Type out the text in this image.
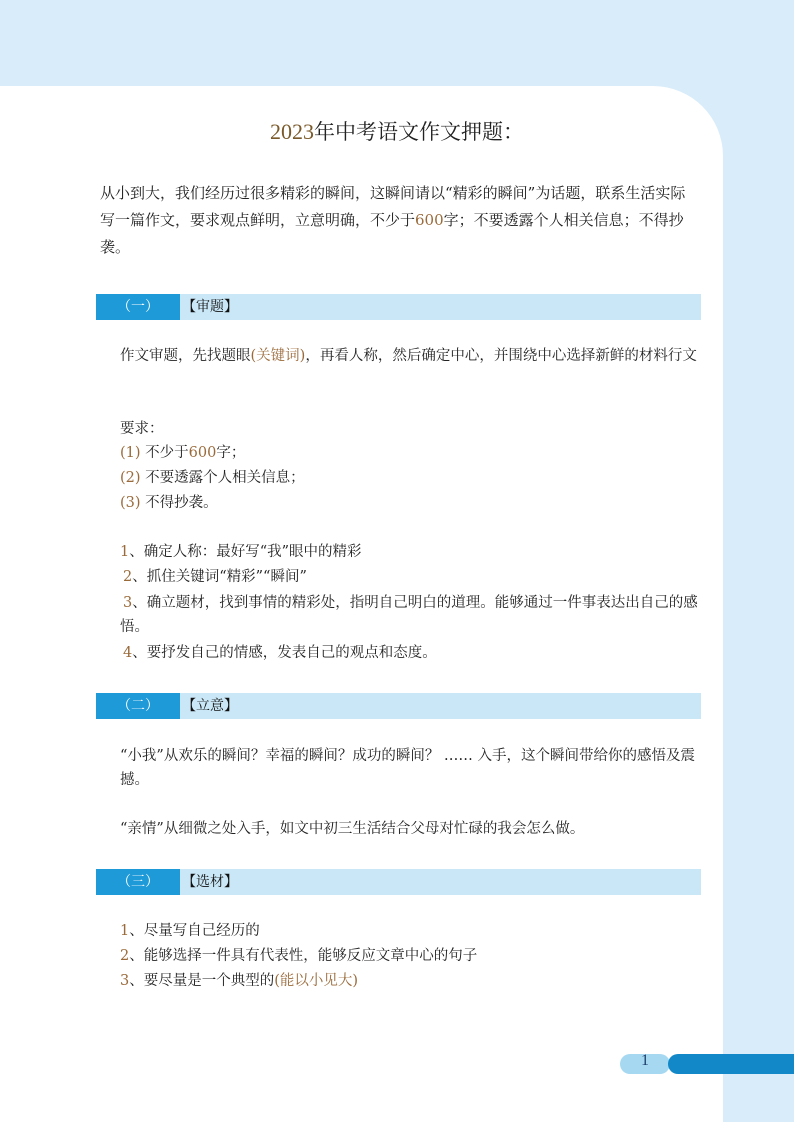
2023年中考语文作文押题：
从小到大，我们经历过很多精彩的瞬间，这瞬间请以“精彩的瞬间”为话题，联系生活实际写一篇作文，要求观点鲜明，立意明确，不少于600字；不要透露个人相关信息；不得抄袭。
（一）	【审题】
作文审题，先找题眼(关键词)，再看人称，然后确定中心，并围绕中心选择新鲜的材料行文
要求：
(1) 不少于600字；
(2) 不要透露个人相关信息；
(3) 不得抄袭。
1、确定人称：最好写“我”眼中的精彩
2、抓住关键词“精彩”“瞬间”
3、确立题材，找到事情的精彩处，指明自己明白的道理。能够通过一件事表达出自己的感悟。
4、要抒发自己的情感，发表自己的观点和态度。
（二）	【立意】
“小我”从欢乐的瞬间？幸福的瞬间？成功的瞬间？ …… 入手，这个瞬间带给你的感悟及震撼。
“亲情”从细微之处入手，如文中初三生活结合父母对忙碌的我会怎么做。
（三）	【选材】
1、尽量写自己经历的
2、能够选择一件具有代表性，能够反应文章中心的句子
3、要尽量是一个典型的(能以小见大)
1
